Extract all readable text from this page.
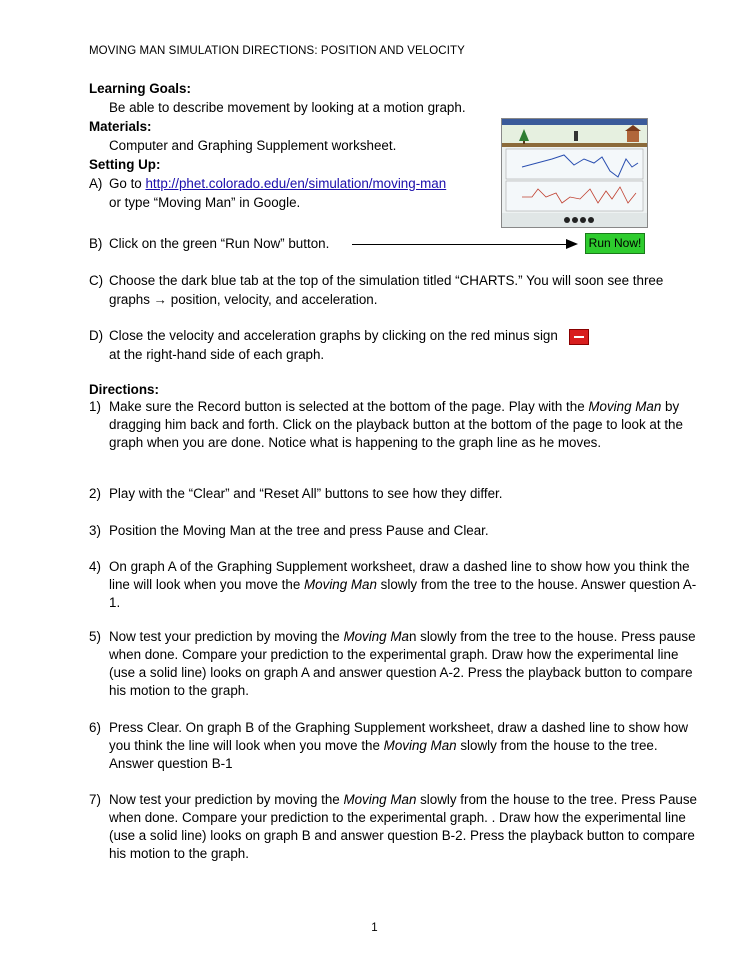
MOVING MAN SIMULATION DIRECTIONS: POSITION AND VELOCITY
Learning Goals:
Be able to describe movement by looking at a motion graph.
Materials:
Computer and Graphing Supplement worksheet.
Setting Up:
A) Go to http://phet.colorado.edu/en/simulation/moving-man
or type “Moving Man” in Google.
B) Click on the green “Run Now” button.	Run Now!
C) Choose the dark blue tab at the top of the simulation titled “CHARTS.” You will soon see three graphs → position, velocity, and acceleration.
D) Close the velocity and acceleration graphs by clicking on the red minus sign
at the right-hand side of each graph.
Directions:
1) Make sure the Record button is selected at the bottom of the page. Play with the Moving Man by dragging him back and forth. Click on the playback button at the bottom of the page to look at the graph when you are done. Notice what is happening to the graph line as he moves.
2) Play with the “Clear” and “Reset All” buttons to see how they differ.
3) Position the Moving Man at the tree and press Pause and Clear.
4) On graph A of the Graphing Supplement worksheet, draw a dashed line to show how you think the line will look when you move the Moving Man slowly from the tree to the house. Answer question A-1.
5) Now test your prediction by moving the Moving Man slowly from the tree to the house. Press pause when done. Compare your prediction to the experimental graph. Draw how the experimental line (use a solid line) looks on graph A and answer question A-2. Press the playback button to compare his motion to the graph.
6) Press Clear. On graph B of the Graphing Supplement worksheet, draw a dashed line to show how you think the line will look when you move the Moving Man slowly from the house to the tree. Answer question B-1
7) Now test your prediction by moving the Moving Man slowly from the house to the tree. Press Pause when done. Compare your prediction to the experimental graph. . Draw how the experimental line (use a solid line) looks on graph B and answer question B-2. Press the playback button to compare his motion to the graph.
1
